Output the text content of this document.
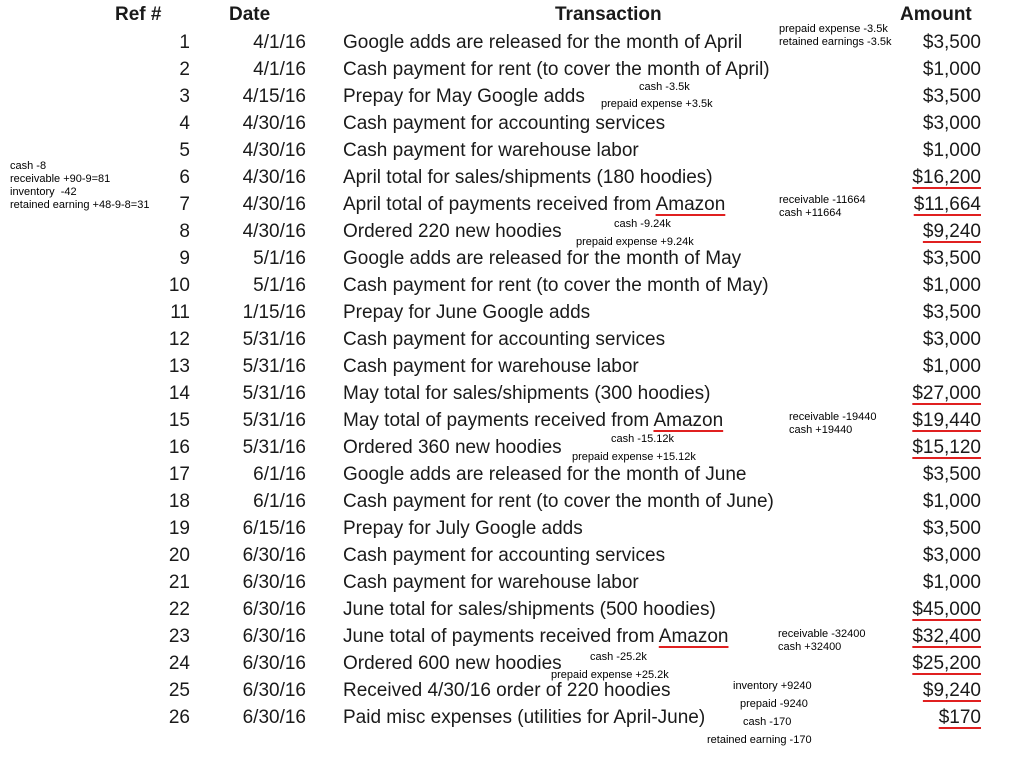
Ref #	Date	Transaction	Amount
1	4/1/16 Google adds are released for the month of April	$3,500
2	4/1/16 Cash payment for rent (to cover the month of April)	$1,000
3	4/15/16 Prepay for May Google adds	$3,500
4	4/30/16 Cash payment for accounting services	$3,000
5	4/30/16 Cash payment for warehouse labor	$1,000
6	4/30/16 April total for sales/shipments (180 hoodies)	$16,200
7	4/30/16 April total of payments received from Amazon	$11,664
8	4/30/16 Ordered 220 new hoodies	$9,240
9	5/1/16 Google adds are released for the month of May	$3,500
10	5/1/16 Cash payment for rent (to cover the month of May)	$1,000
11	1/15/16 Prepay for June Google adds	$3,500
12	5/31/16 Cash payment for accounting services	$3,000
13	5/31/16 Cash payment for warehouse labor	$1,000
14	5/31/16 May total for sales/shipments (300 hoodies)	$27,000
15	5/31/16 May total of payments received from Amazon	$19,440
16	5/31/16 Ordered 360 new hoodies	$15,120
17	6/1/16 Google adds are released for the month of June	$3,500
18	6/1/16 Cash payment for rent (to cover the month of June)	$1,000
19	6/15/16 Prepay for July Google adds	$3,500
20	6/30/16 Cash payment for accounting services	$3,000
21	6/30/16 Cash payment for warehouse labor	$1,000
22	6/30/16 June total for sales/shipments (500 hoodies)	$45,000
23	6/30/16 June total of payments received from Amazon	$32,400
24	6/30/16 Ordered 600 new hoodies	$25,200
25	6/30/16 Received 4/30/16 order of 220 hoodies	$9,240
26	6/30/16 Paid misc expenses (utilities for April-June)	$170
prepaid expense -3.5k
retained earnings -3.5k
cash -3.5k
prepaid expense +3.5k
cash -8
receivable +90-9=81
inventory  -42
retained earning +48-9-8=31	receivable -11664
cash +11664
cash -9.24k
prepaid expense +9.24k
receivable -19440
cash +19440
cash -15.12k
prepaid expense +15.12k
receivable -32400
cash +32400
cash -25.2k
prepaid expense +25.2k
inventory +9240
prepaid -9240
cash -170
retained earning -170
